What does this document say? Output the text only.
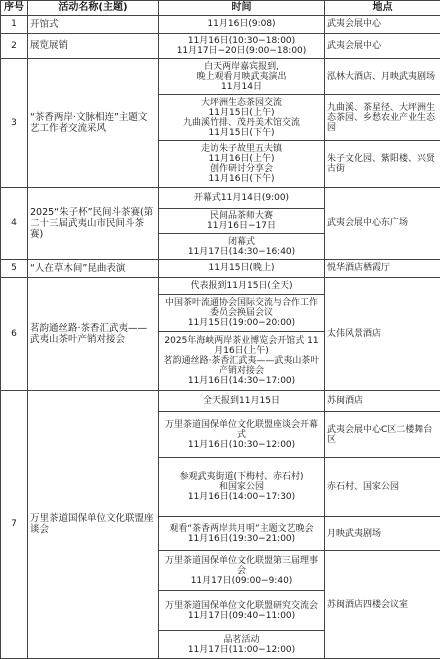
序号	活动名称(主题)	时间	地点
1	开馆式	11月16日(9:08)	武夷会展中心
2	展览展销	11月16日(10:30−18:00)
11月17日−20日(9:00−18:00)	武夷会展中心
3	“茶香两岸·文脉相连”主题文艺工作者交流采风	白天两岸嘉宾报到,
晚上观看月映武夷演出
11月14日	泓林大酒店、月映武夷剧场
		大坪洲生态茶园交流
11月15日(上午)
九曲溪竹排、茂丹美术馆交流
11月15日(下午)	九曲溪、茶星径、大坪洲生态茶园、乡愁农业产业生态园
		走访朱子故里五夫镇
11月16日(上午)
创作研讨分享会
11月16日(下午)	朱子文化园、紫阳楼、兴贤古街
4	2025“朱子杯”民间斗茶赛(第二十三届武夷山市民间斗茶赛)	开幕式11月14日(9:00)	武夷会展中心东广场
		民间品茶师大赛
11月16日−17日	
		闭幕式
11月17日(14:30−16:40)	
5	“人在草木间”昆曲表演	11月15日(晚上)	悦华酒店栖霞厅
6	茗韵通丝路·茶香汇武夷——武夷山茶叶产销对接会	代表报到11月15日(全天)	太伟风景酒店
		中国茶叶流通协会国际交流与合作工作委员会换届会议
11月15日(19:00−20:00)	
		2025年海峡两岸茶业博览会开馆式 11月16日(上午)
茗韵通丝路·茶香汇武夷——武夷山茶叶产销对接会
11月16日(14:30−17:00)	
7	万里茶道国保单位文化联盟座谈会	全天报到11月15日	苏闽酒店
		万里茶道国保单位文化联盟座谈会开幕式
11月16日(10:30−12:00)	武夷会展中心C区二楼舞台区
		参观武夷街道(下梅村、赤石村)
和国家公园
11月16日(14:00−17:30)	赤石村、国家公园
		观看“茶香两岸共月明”主题文艺晚会
11月16日(19:30−21:00)	月映武夷剧场
		万里茶道国保单位文化联盟第三届理事会
11月17日(09:00−9:40)	苏闽酒店四楼会议室
		万里茶道国保单位文化联盟研究交流会
11月17日(09:40−11:00)	
		品茗活动
11月17日(11:00−12:00)	
